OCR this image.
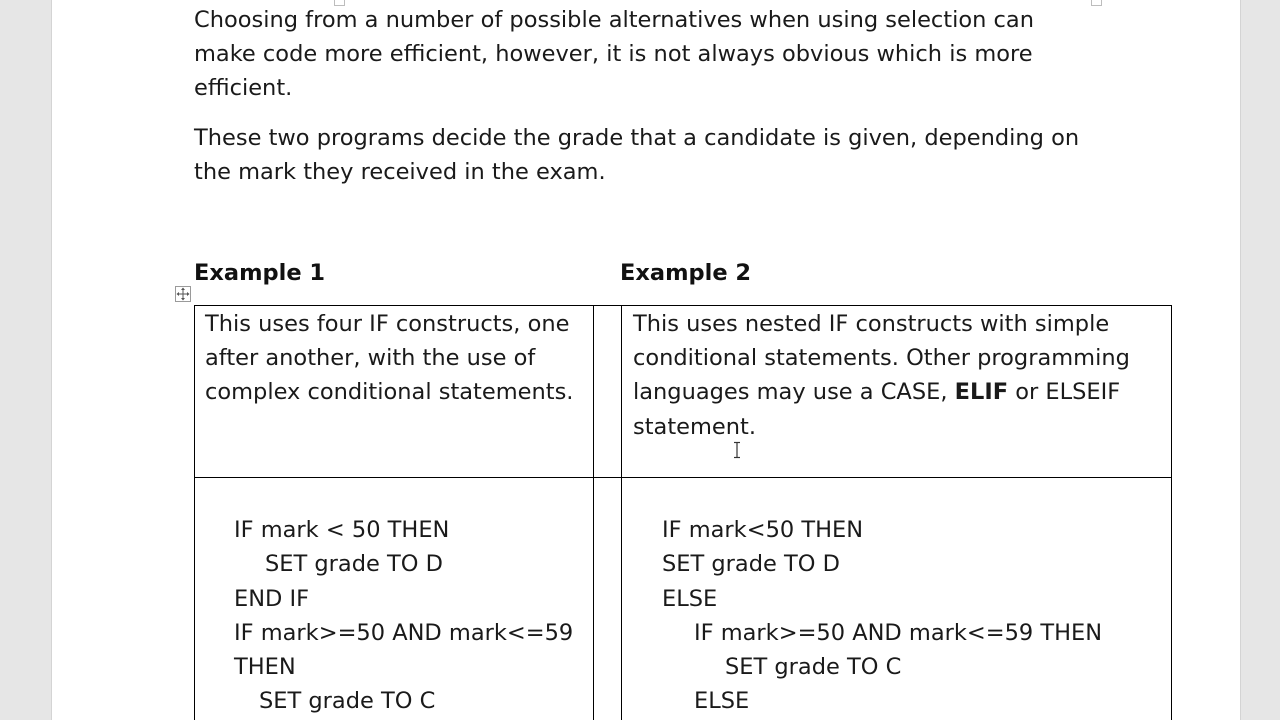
Choosing from a number of possible alternatives when using selection can
make code more efficient, however, it is not always obvious which is more
efficient.
These two programs decide the grade that a candidate is given, depending on
the mark they received in the exam.
Example 1	Example 2
This uses four IF constructs, one
after another, with the use of
complex conditional statements.
This uses nested IF constructs with simple
conditional statements. Other programming
languages may use a CASE, ELIF or ELSEIF
statement.
IF mark < 50 THEN
SET grade TO D
END IF
IF mark>=50 AND mark<=59
THEN
SET grade TO C
IF mark<50 THEN
SET grade TO D
ELSE
IF mark>=50 AND mark<=59 THEN
SET grade TO C
ELSE
